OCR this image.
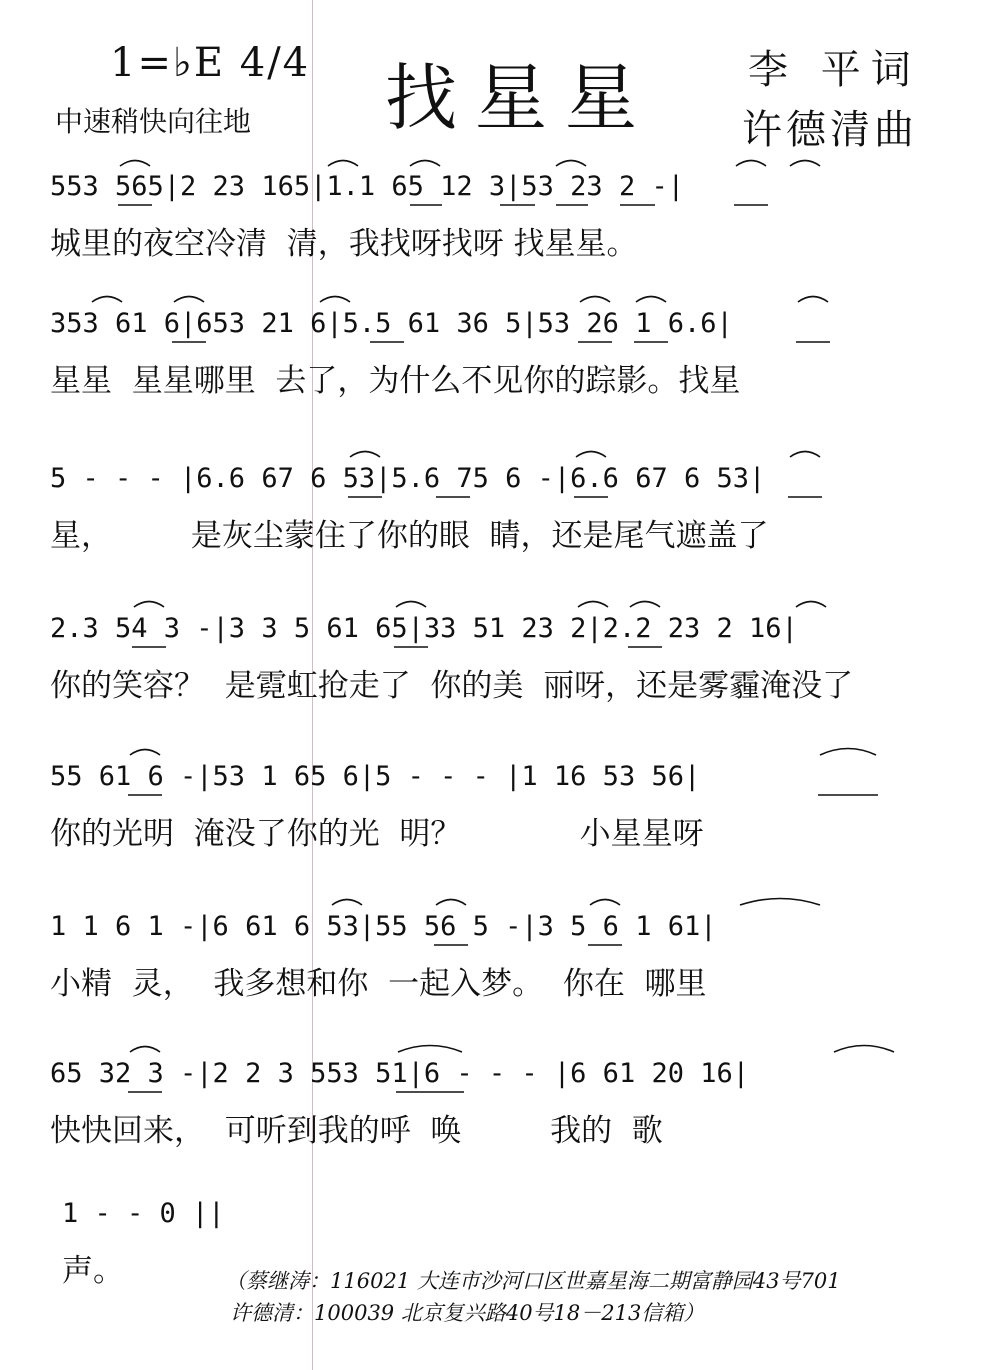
1=♭E 4/4
中速稍快向往地 找星星 李 平词
许德清曲
553 565|2 23 165|1.1 65 12 3|53 23 2 -|
城里的夜空冷清  清，我找呀找呀 找星星。
353 61 6|653 21 6|5.5 61 36 5|53 26 1 6.6|
星星  星星哪里  去了，为什么不见你的踪影。找星
5 - - - |6.6 67 6 53|5.6 75 6 -|6.6 67 6 53|
星，        是灰尘蒙住了你的眼  睛，还是尾气遮盖了
2.3 54 3 -|3 3 5 61 65|33 51 23 2|2.2 23 2 16|
你的笑容？  是霓虹抢走了  你的美  丽呀，还是雾霾淹没了
55 61 6 -|53 1 65 6|5 - - - |1 16 53 56|
你的光明  淹没了你的光  明？            小星星呀
1 1 6 1 -|6 61 6 53|55 56 5 -|3 5 6 1 61|
小精  灵，  我多想和你  一起入梦。  你在  哪里
65 32 3 -|2 2 3 553 51|6 - - - |6 61 20 16|
快快回来，  可听到我的呼  唤         我的  歌
1 - - 0 ||
声。	（蔡继涛：116021 大连市沙河口区世嘉星海二期富静园43号701
许德清：100039 北京复兴路40号18－213信箱）
